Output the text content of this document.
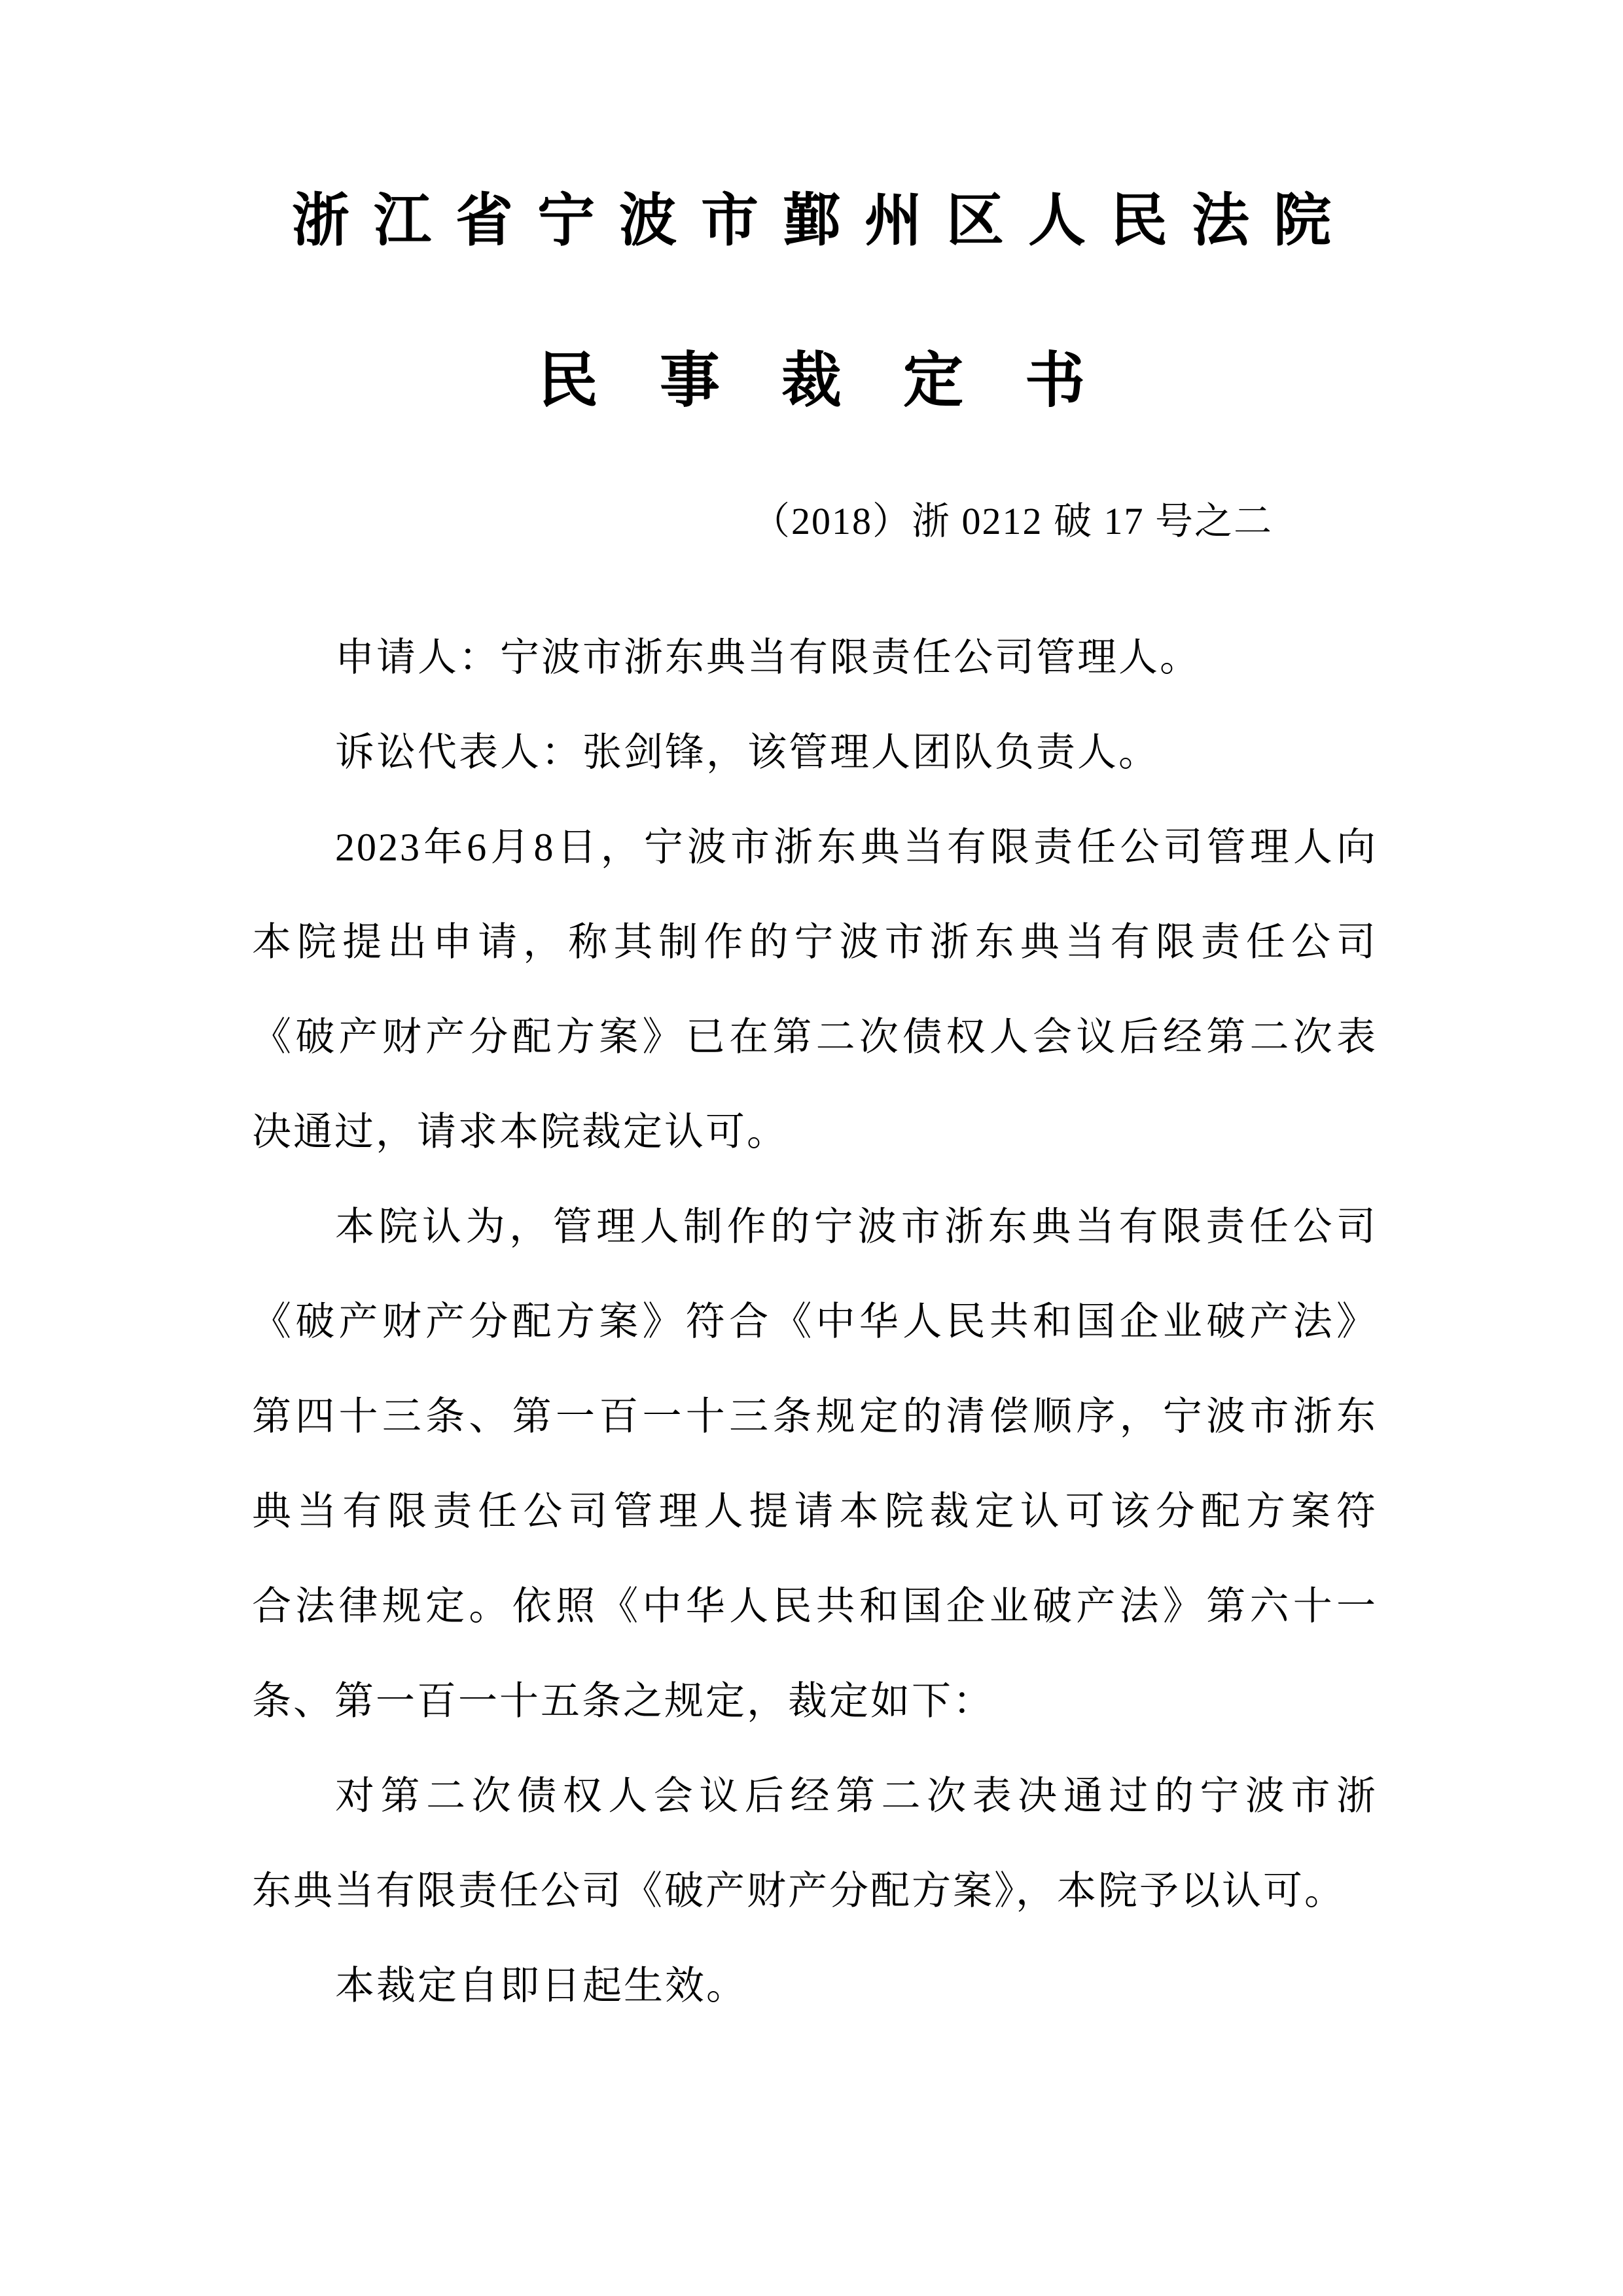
浙江省宁波市鄞州区人民法院
民事裁定书
（2018）浙 0212 破 17 号之二
申请人：宁波市浙东典当有限责任公司管理人。
诉讼代表人：张剑锋，该管理人团队负责人。
2023年6月8日，宁波市浙东典当有限责任公司管理人向
本院提出申请，称其制作的宁波市浙东典当有限责任公司
《破产财产分配方案》已在第二次债权人会议后经第二次表
决通过，请求本院裁定认可。
本院认为，管理人制作的宁波市浙东典当有限责任公司
《破产财产分配方案》符合《中华人民共和国企业破产法》
第四十三条、第一百一十三条规定的清偿顺序，宁波市浙东
典当有限责任公司管理人提请本院裁定认可该分配方案符
合法律规定。依照《中华人民共和国企业破产法》第六十一
条、第一百一十五条之规定，裁定如下：
对第二次债权人会议后经第二次表决通过的宁波市浙
东典当有限责任公司《破产财产分配方案》，本院予以认可。
本裁定自即日起生效。
